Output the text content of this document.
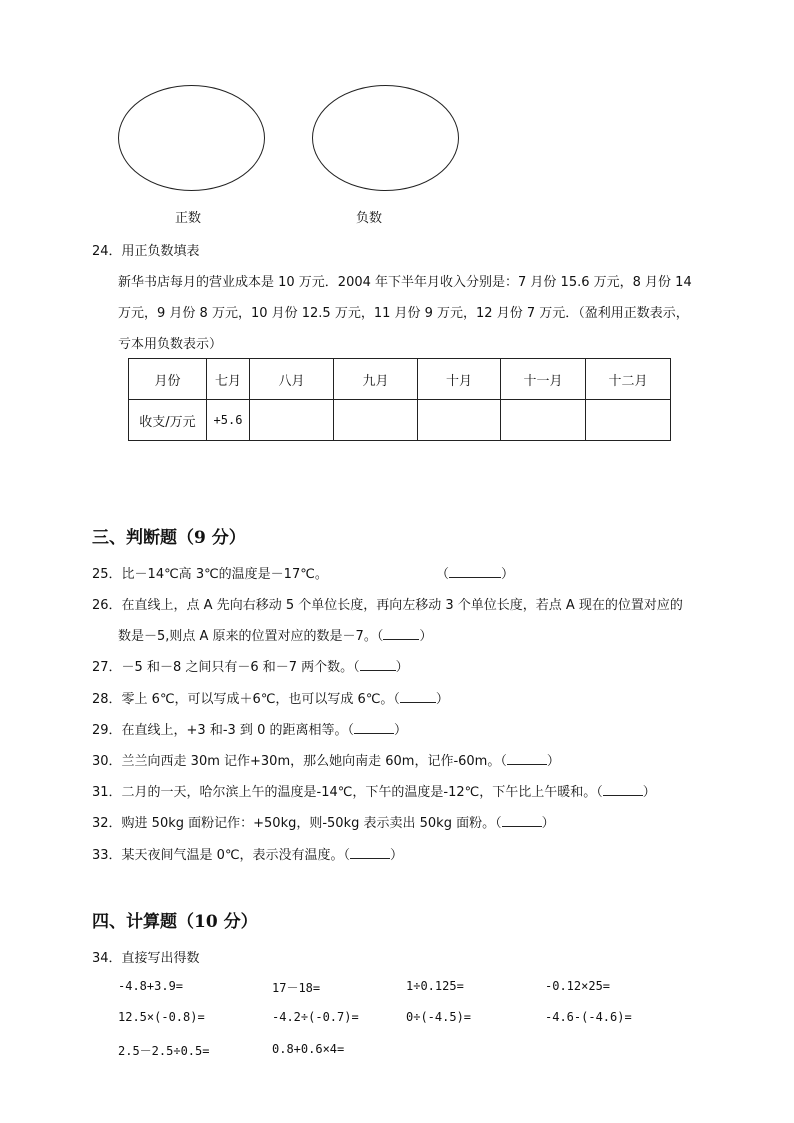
正数	负数
24．用正负数填表
新华书店每月的营业成本是 10 万元．2004 年下半年月收入分别是：7 月份 15.6 万元，8 月份 14
万元，9 月份 8 万元，10 月份 12.5 万元，11 月份 9 万元，12 月份 7 万元．（盈利用正数表示，
亏本用负数表示）
月份	七月	八月	九月	十月	十一月	十二月
收支/万元	+5.6					
三、判断题（9 分）
25．比－14℃高 3℃的温度是－17℃。	（	）
26．在直线上，点 A 先向右移动 5 个单位长度，再向左移动 3 个单位长度，若点 A 现在的位置对应的
数是－5,则点 A 原来的位置对应的数是－7。（	）
27．－5 和－8 之间只有－6 和－7 两个数。（	）
28．零上 6℃，可以写成＋6℃，也可以写成 6℃。（	）
29．在直线上，+3 和-3 到 0 的距离相等。（	）
30．兰兰向西走 30m 记作+30m，那么她向南走 60m，记作-60m。（	）
31．二月的一天，哈尔滨上午的温度是-14℃，下午的温度是-12℃，下午比上午暖和。（	）
32．购进 50kg 面粉记作：+50kg，则-50kg 表示卖出 50kg 面粉。（	）
33．某天夜间气温是 0℃，表示没有温度。（	）
四、计算题（10 分）
34．直接写出得数
-4.8+3.9=	17－18=	1÷0.125=	-0.12×25=
12.5×(-0.8)=	-4.2÷(-0.7)=	0÷(-4.5)=	-4.6-(-4.6)=
2.5－2.5÷0.5=	0.8+0.6×4=
